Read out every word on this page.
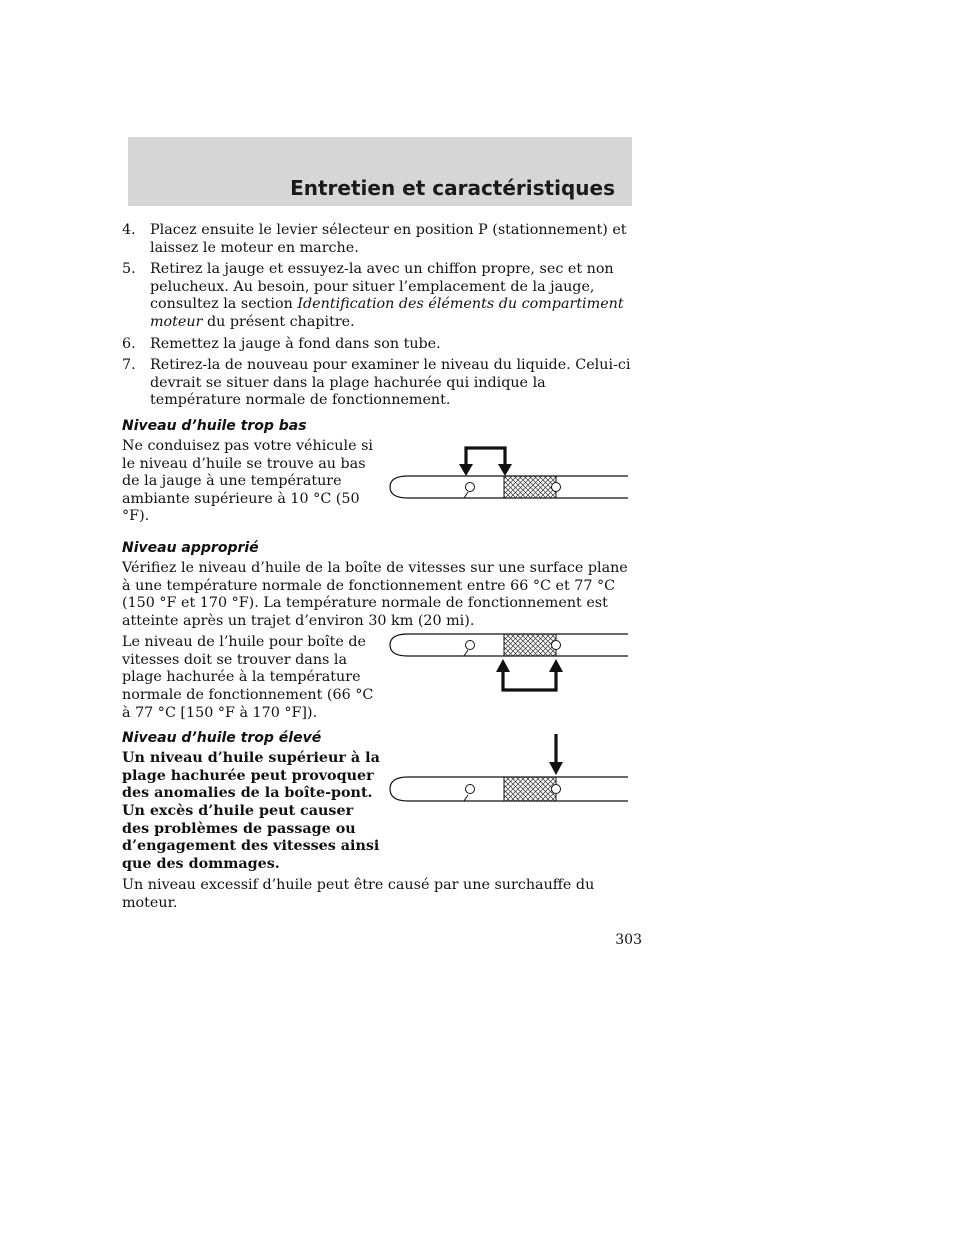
Entretien et caractéristiques
4. Placez ensuite le levier sélecteur en position P (stationnement) et laissez le moteur en marche.
5. Retirez la jauge et essuyez-la avec un chiffon propre, sec et non pelucheux. Au besoin, pour situer l’emplacement de la jauge, consultez la section Identification des éléments du compartiment moteur du présent chapitre.
6. Remettez la jauge à fond dans son tube.
7. Retirez-la de nouveau pour examiner le niveau du liquide. Celui-ci devrait se situer dans la plage hachurée qui indique la température normale de fonctionnement.
Niveau d’huile trop bas
Ne conduisez pas votre véhicule si le niveau d’huile se trouve au bas de la jauge à une température ambiante supérieure à 10 °C (50 °F).
Niveau approprié
Vérifiez le niveau d’huile de la boîte de vitesses sur une surface plane à une température normale de fonctionnement entre 66 °C et 77 °C (150 °F et 170 °F). La température normale de fonctionnement est atteinte après un trajet d’environ 30 km (20 mi).
Le niveau de l’huile pour boîte de vitesses doit se trouver dans la plage hachurée à la température normale de fonctionnement (66 °C à 77 °C [150 °F à 170 °F]).
Niveau d’huile trop élevé
Un niveau d’huile supérieur à la plage hachurée peut provoquer des anomalies de la boîte-pont. Un excès d’huile peut causer des problèmes de passage ou d’engagement des vitesses ainsi que des dommages.
Un niveau excessif d’huile peut être causé par une surchauffe du moteur.
303
